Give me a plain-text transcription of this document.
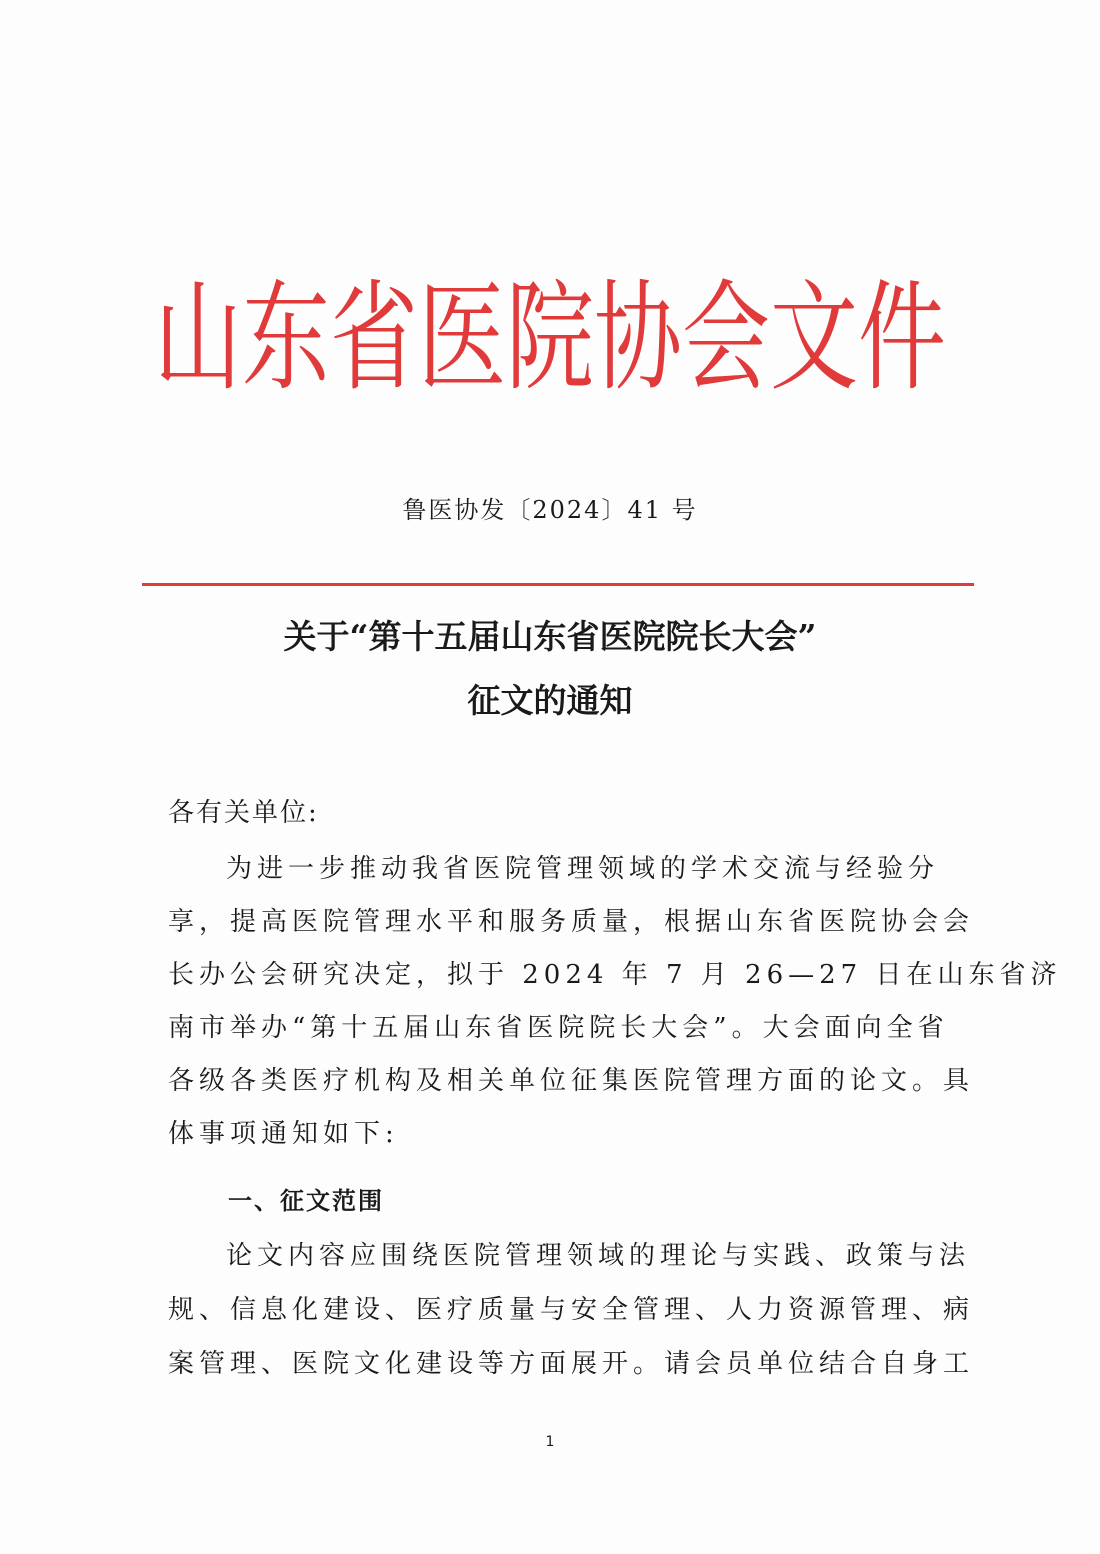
山东省医院协会文件
鲁医协发〔2024〕41 号
关于“第十五届山东省医院院长大会”
征文的通知
各有关单位:
为进一步推动我省医院管理领域的学术交流与经验分
享，提高医院管理水平和服务质量，根据山东省医院协会会
长办公会研究决定，拟于 2024 年 7 月 26—27 日在山东省济
南市举办“第十五届山东省医院院长大会”。大会面向全省
各级各类医疗机构及相关单位征集医院管理方面的论文。具
体事项通知如下:
一、征文范围
论文内容应围绕医院管理领域的理论与实践、政策与法
规、信息化建设、医疗质量与安全管理、人力资源管理、病
案管理、医院文化建设等方面展开。请会员单位结合自身工
1
